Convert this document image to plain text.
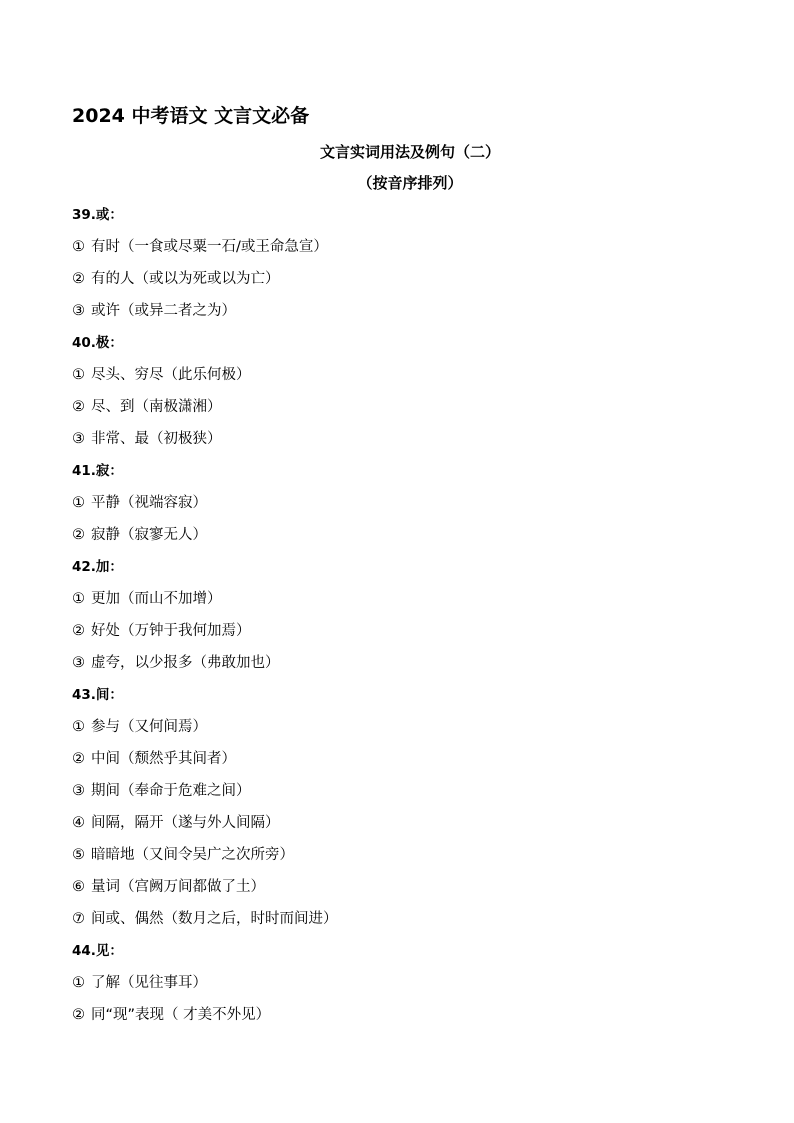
2024 中考语文 文言文必备
文言实词用法及例句（二）
（按音序排列）
39.或：
① 有时（一食或尽粟一石/或王命急宣）
② 有的人（或以为死或以为亡）
③ 或许（或异二者之为）
40.极：
① 尽头、穷尽（此乐何极）
② 尽、到（南极潇湘）
③ 非常、最（初极狭）
41.寂：
① 平静（视端容寂）
② 寂静（寂寥无人）
42.加：
① 更加（而山不加增）
② 好处（万钟于我何加焉）
③ 虚夸，以少报多（弗敢加也）
43.间：
① 参与（又何间焉）
② 中间（颓然乎其间者）
③ 期间（奉命于危难之间）
④ 间隔，隔开（遂与外人间隔）
⑤ 暗暗地（又间令吴广之次所旁）
⑥ 量词（宫阙万间都做了土）
⑦ 间或、偶然（数月之后，时时而间进）
44.见：
① 了解（见往事耳）
② 同“现”表现（ 才美不外见）
